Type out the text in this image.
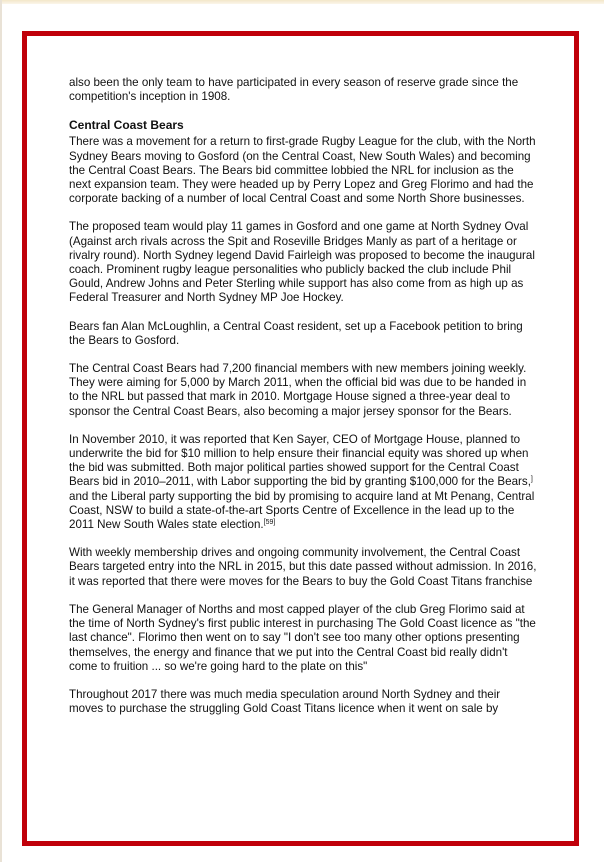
also been the only team to have participated in every season of reserve grade since the competition's inception in 1908.

Central Coast Bears

There was a movement for a return to first-grade Rugby League for the club, with the North Sydney Bears moving to Gosford (on the Central Coast, New South Wales) and becoming the Central Coast Bears. The Bears bid committee lobbied the NRL for inclusion as the next expansion team. They were headed up by Perry Lopez and Greg Florimo and had the corporate backing of a number of local Central Coast and some North Shore businesses.

The proposed team would play 11 games in Gosford and one game at North Sydney Oval (Against arch rivals across the Spit and Roseville Bridges Manly as part of a heritage or rivalry round). North Sydney legend David Fairleigh was proposed to become the inaugural coach. Prominent rugby league personalities who publicly backed the club include Phil Gould, Andrew Johns and Peter Sterling while support has also come from as high up as Federal Treasurer and North Sydney MP Joe Hockey.

Bears fan Alan McLoughlin, a Central Coast resident, set up a Facebook petition to bring the Bears to Gosford.

The Central Coast Bears had 7,200 financial members with new members joining weekly. They were aiming for 5,000 by March 2011, when the official bid was due to be handed in to the NRL but passed that mark in 2010. Mortgage House signed a three-year deal to sponsor the Central Coast Bears, also becoming a major jersey sponsor for the Bears.

In November 2010, it was reported that Ken Sayer, CEO of Mortgage House, planned to underwrite the bid for $10 million to help ensure their financial equity was shored up when the bid was submitted. Both major political parties showed support for the Central Coast Bears bid in 2010–2011, with Labor supporting the bid by granting $100,000 for the Bears,] and the Liberal party supporting the bid by promising to acquire land at Mt Penang, Central Coast, NSW to build a state-of-the-art Sports Centre of Excellence in the lead up to the 2011 New South Wales state election.[59]

With weekly membership drives and ongoing community involvement, the Central Coast Bears targeted entry into the NRL in 2015, but this date passed without admission. In 2016, it was reported that there were moves for the Bears to buy the Gold Coast Titans franchise

The General Manager of Norths and most capped player of the club Greg Florimo said at the time of North Sydney's first public interest in purchasing The Gold Coast licence as "the last chance". Florimo then went on to say "I don't see too many other options presenting themselves, the energy and finance that we put into the Central Coast bid really didn't come to fruition ... so we're going hard to the plate on this"

Throughout 2017 there was much media speculation around North Sydney and their moves to purchase the struggling Gold Coast Titans licence when it went on sale by
